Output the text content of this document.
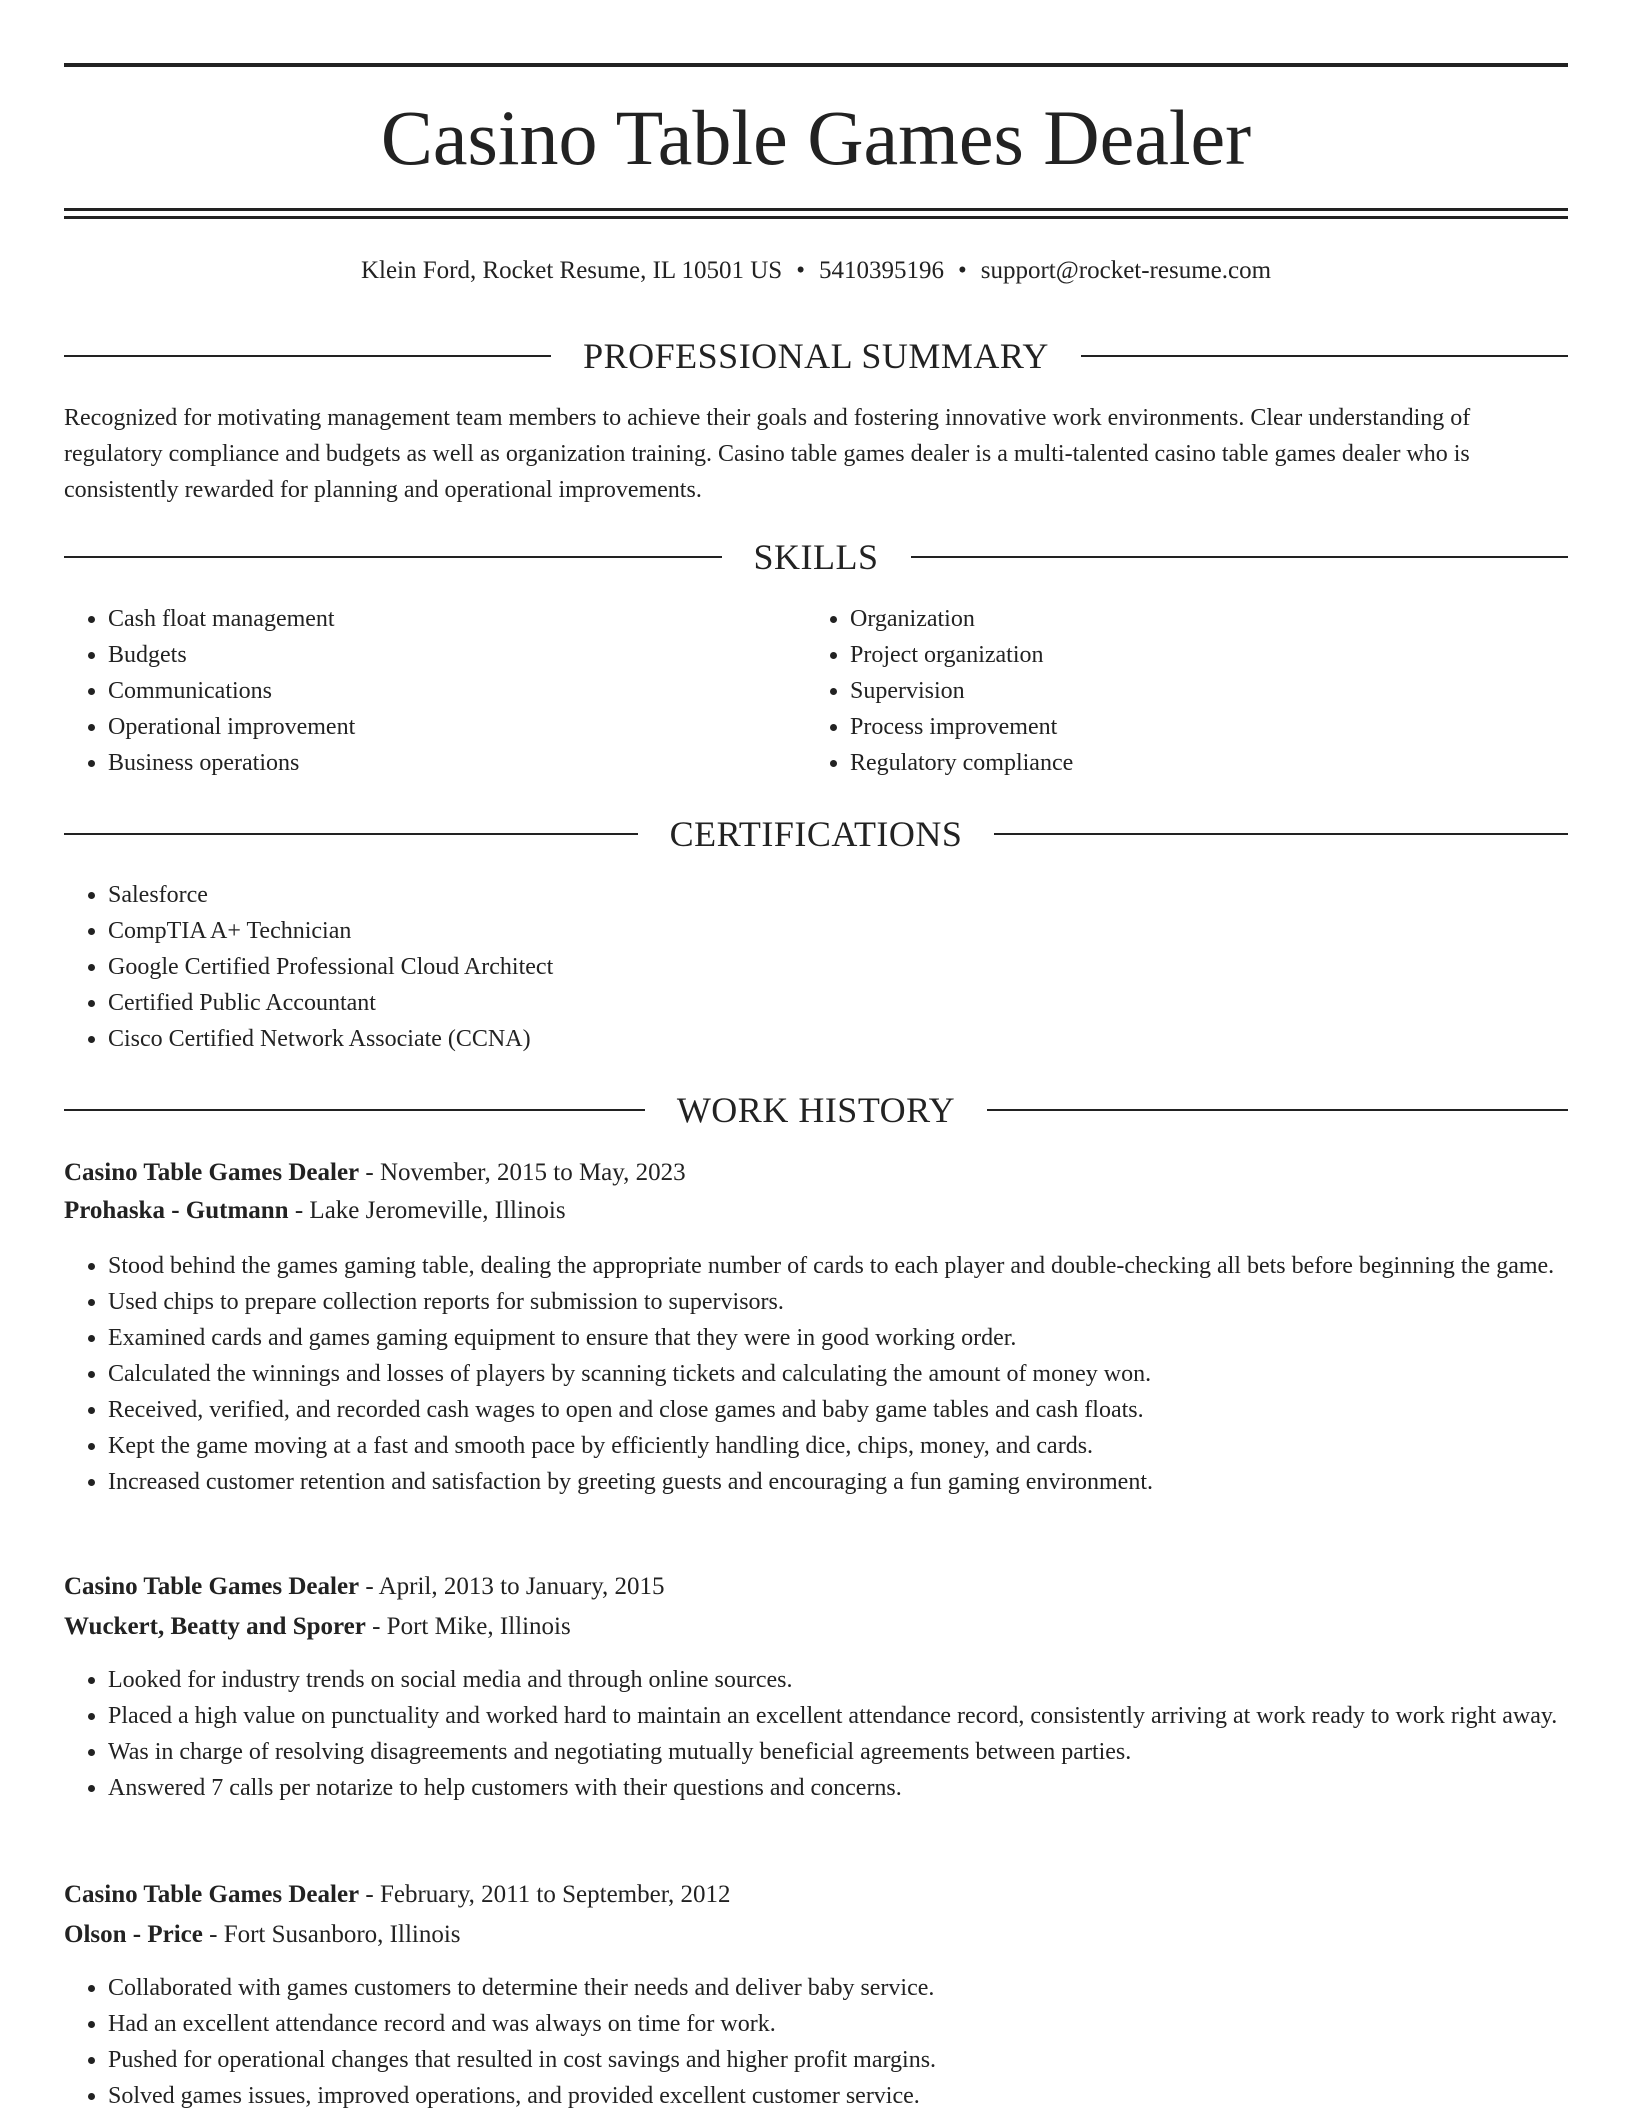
Casino Table Games Dealer
Klein Ford, Rocket Resume, IL 10501 US • 5410395196 • support@rocket-resume.com
PROFESSIONAL SUMMARY

Recognized for motivating management team members to achieve their goals and fostering innovative work environments. Clear understanding of regulatory compliance and budgets as well as organization training. Casino table games dealer is a multi-talented casino table games dealer who is consistently rewarded for planning and operational improvements.

SKILLS
• Cash float management
• Budgets
• Communications
• Operational improvement
• Business operations
• Organization
• Project organization
• Supervision
• Process improvement
• Regulatory compliance
CERTIFICATIONS
• Salesforce
• CompTIA A+ Technician
• Google Certified Professional Cloud Architect
• Certified Public Accountant
• Cisco Certified Network Associate (CCNA)
WORK HISTORY
Casino Table Games Dealer - November, 2015 to May, 2023
Prohaska - Gutmann - Lake Jeromeville, Illinois
• Stood behind the games gaming table, dealing the appropriate number of cards to each player and double-checking all bets before beginning the game.
• Used chips to prepare collection reports for submission to supervisors.
• Examined cards and games gaming equipment to ensure that they were in good working order.
• Calculated the winnings and losses of players by scanning tickets and calculating the amount of money won.
• Received, verified, and recorded cash wages to open and close games and baby game tables and cash floats.
• Kept the game moving at a fast and smooth pace by efficiently handling dice, chips, money, and cards.
• Increased customer retention and satisfaction by greeting guests and encouraging a fun gaming environment.
Casino Table Games Dealer - April, 2013 to January, 2015
Wuckert, Beatty and Sporer - Port Mike, Illinois
• Looked for industry trends on social media and through online sources.
• Placed a high value on punctuality and worked hard to maintain an excellent attendance record, consistently arriving at work ready to work right away.
• Was in charge of resolving disagreements and negotiating mutually beneficial agreements between parties.
• Answered 7 calls per notarize to help customers with their questions and concerns.
Casino Table Games Dealer - February, 2011 to September, 2012
Olson - Price - Fort Susanboro, Illinois
• Collaborated with games customers to determine their needs and deliver baby service.
• Had an excellent attendance record and was always on time for work.
• Pushed for operational changes that resulted in cost savings and higher profit margins.
• Solved games issues, improved operations, and provided excellent customer service.
